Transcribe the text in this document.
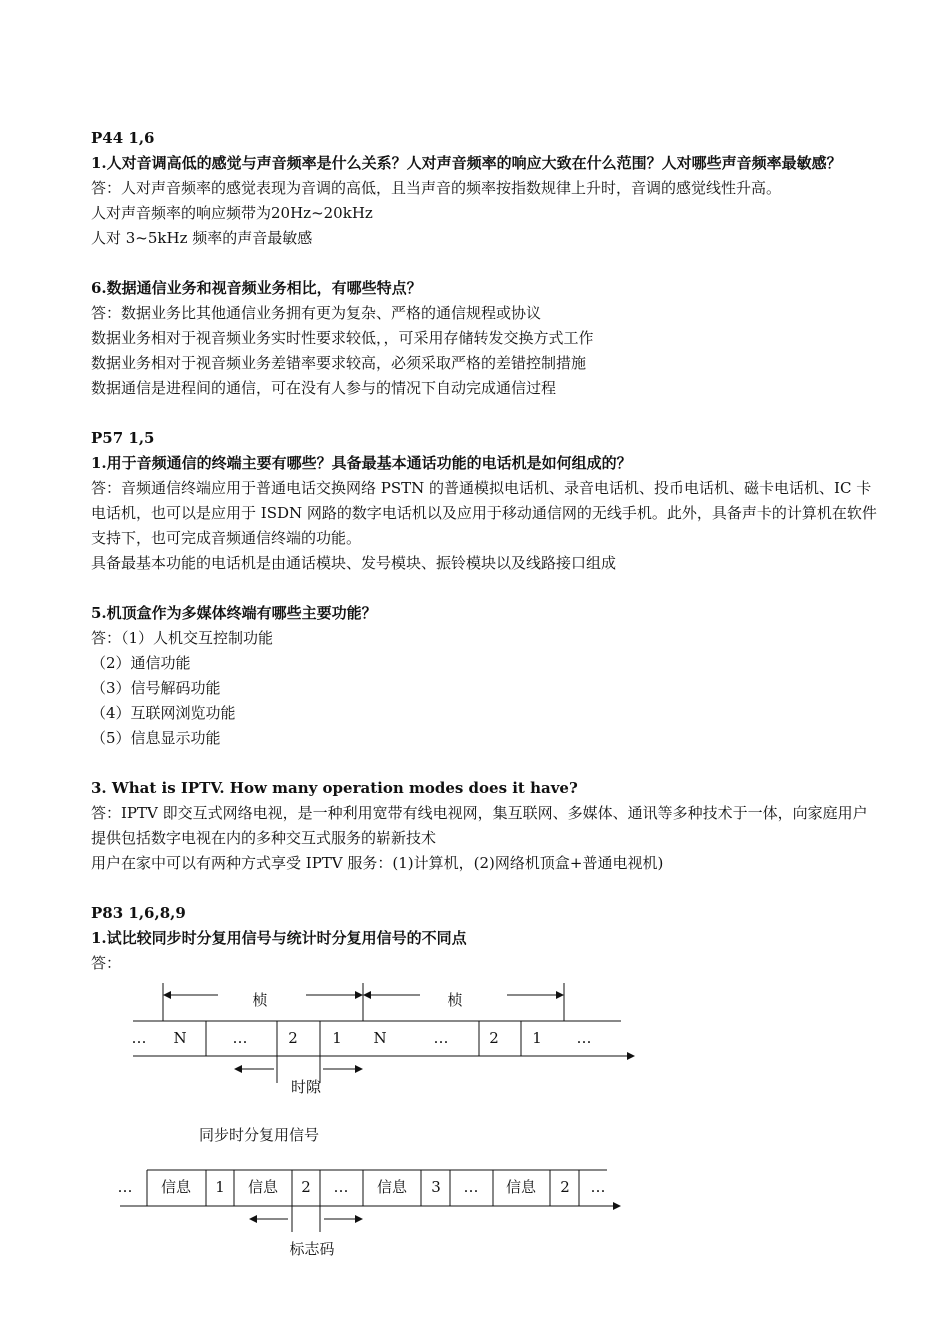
P44 1,6
1.人对音调高低的感觉与声音频率是什么关系？人对声音频率的响应大致在什么范围？人对哪些声音频率最敏感？
答：人对声音频率的感觉表现为音调的高低，且当声音的频率按指数规律上升时，音调的感觉线性升高。
人对声音频率的响应频带为20Hz~20kHz
人对 3~5kHz 频率的声音最敏感
6.数据通信业务和视音频业务相比，有哪些特点？
答：数据业务比其他通信业务拥有更为复杂、严格的通信规程或协议
数据业务相对于视音频业务实时性要求较低，，可采用存储转发交换方式工作
数据业务相对于视音频业务差错率要求较高，必须采取严格的差错控制措施
数据通信是进程间的通信，可在没有人参与的情况下自动完成通信过程
P57 1,5
1.用于音频通信的终端主要有哪些？具备最基本通话功能的电话机是如何组成的？
答：音频通信终端应用于普通电话交换网络 PSTN 的普通模拟电话机、录音电话机、投币电话机、磁卡电话机、IC 卡电话机，也可以是应用于 ISDN 网路的数字电话机以及应用于移动通信网的无线手机。此外，具备声卡的计算机在软件支持下，也可完成音频通信终端的功能。
具备最基本功能的电话机是由通话模块、发号模块、振铃模块以及线路接口组成
5.机顶盒作为多媒体终端有哪些主要功能？
答：（1）人机交互控制功能
（2）通信功能
（3）信号解码功能
（4）互联网浏览功能
（5）信息显示功能
3. What is IPTV. How many operation modes does it have?
答：IPTV 即交互式网络电视，是一种利用宽带有线电视网，集互联网、多媒体、通讯等多种技术于一体，向家庭用户提供包括数字电视在内的多种交互式服务的崭新技术
用户在家中可以有两种方式享受 IPTV 服务：(1)计算机，(2)网络机顶盒+普通电视机)
P83 1,6,8,9
1.试比较同步时分复用信号与统计时分复用信号的不同点
答：
桢	桢
… N	…	2 1 N	…	2 1 …
时隙
同步时分复用信号
… 信息 1 信息 2 … 信息 3 … 信息 2 …
标志码
